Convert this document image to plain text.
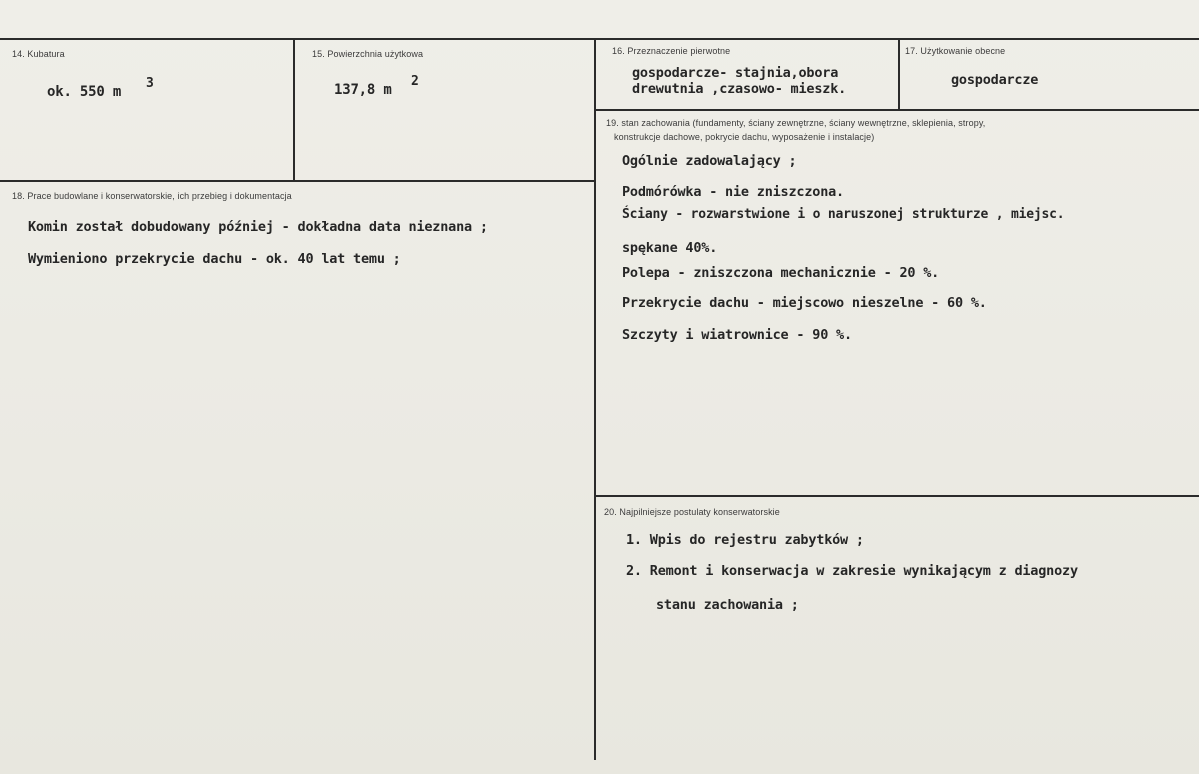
14. Kubatura
ok. 550 m
3
15. Powierzchnia użytkowa
137,8 m
2
16. Przeznaczenie pierwotne
gospodarcze- stajnia,obora
drewutnia ,czasowo- mieszk.
17. Użytkowanie obecne
gospodarcze
18. Prace budowlane i konserwatorskie, ich przebieg i dokumentacja
Komin został dobudowany później - dokładna data nieznana ;
Wymieniono przekrycie dachu - ok. 40 lat temu ;
19. stan zachowania (fundamenty, ściany zewnętrzne, ściany wewnętrzne, sklepienia, stropy,
konstrukcje dachowe, pokrycie dachu, wyposażenie i instalacje)
Ogólnie zadowalający ;
Podmórówka - nie zniszczona.
Ściany - rozwarstwione i o naruszonej strukturze , miejsc.
spękane 40%.
Polepa - zniszczona mechanicznie - 20 %.
Przekrycie dachu - miejscowo nieszelne - 60 %.
Szczyty i wiatrownice - 90 %.
20. Najpilniejsze postulaty konserwatorskie
1. Wpis do rejestru zabytków ;
2. Remont i konserwacja w zakresie wynikającym z diagnozy
stanu zachowania ;
